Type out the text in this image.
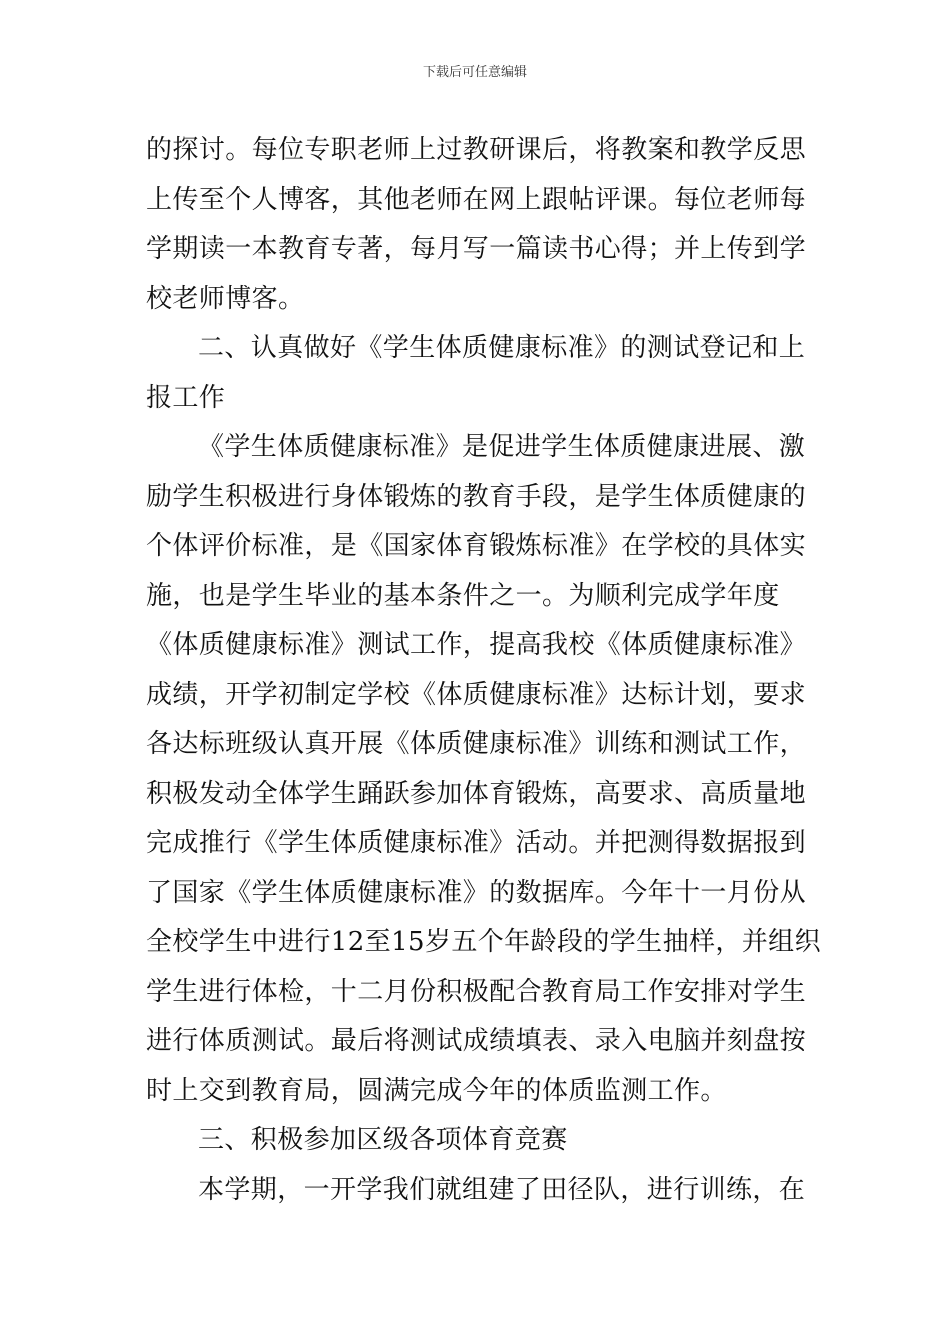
下载后可任意编辑
的探讨。每位专职老师上过教研课后，将教案和教学反思
上传至个人博客，其他老师在网上跟帖评课。每位老师每
学期读一本教育专著，每月写一篇读书心得；并上传到学
校老师博客。
二、认真做好《学生体质健康标准》的测试登记和上
报工作
《学生体质健康标准》是促进学生体质健康进展、激
励学生积极进行身体锻炼的教育手段，是学生体质健康的
个体评价标准，是《国家体育锻炼标准》在学校的具体实
施，也是学生毕业的基本条件之一。为顺利完成学年度
《体质健康标准》测试工作，提高我校《体质健康标准》
成绩，开学初制定学校《体质健康标准》达标计划，要求
各达标班级认真开展《体质健康标准》训练和测试工作，
积极发动全体学生踊跃参加体育锻炼，高要求、高质量地
完成推行《学生体质健康标准》活动。并把测得数据报到
了国家《学生体质健康标准》的数据库。今年十一月份从
全校学生中进行12至15岁五个年龄段的学生抽样，并组织
学生进行体检，十二月份积极配合教育局工作安排对学生
进行体质测试。最后将测试成绩填表、录入电脑并刻盘按
时上交到教育局，圆满完成今年的体质监测工作。
三、积极参加区级各项体育竞赛
本学期，一开学我们就组建了田径队，进行训练，在
